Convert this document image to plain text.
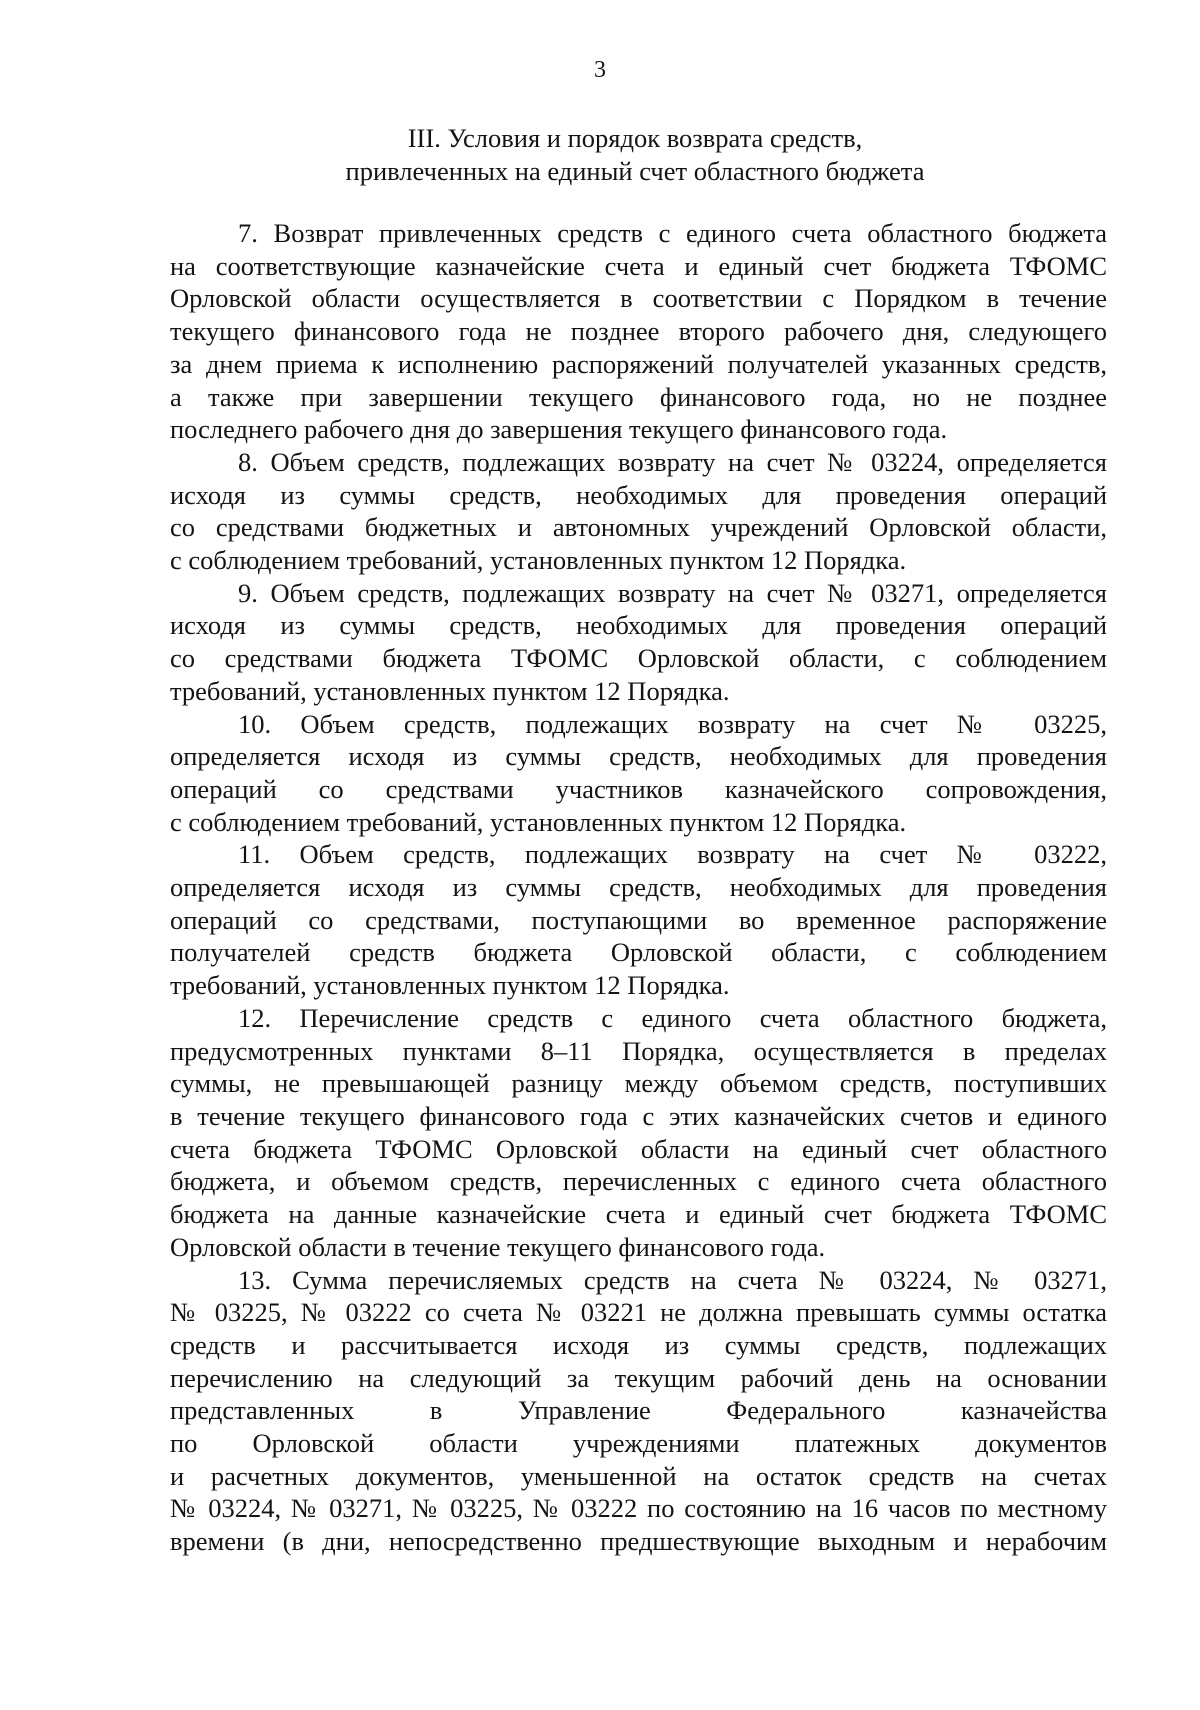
3
III. Условия и порядок возврата средств,
привлеченных на единый счет областного бюджета
7. Возврат привлеченных средств с единого счета областного бюджета
на соответствующие казначейские счета и единый счет бюджета ТФОМС
Орловской области осуществляется в соответствии с Порядком в течение
текущего финансового года не позднее второго рабочего дня, следующего
за днем приема к исполнению распоряжений получателей указанных средств,
а также при завершении текущего финансового года, но не позднее
последнего рабочего дня до завершения текущего финансового года.
8. Объем средств, подлежащих возврату на счет № 03224, определяется
исходя из суммы средств, необходимых для проведения операций
со средствами бюджетных и автономных учреждений Орловской области,
с соблюдением требований, установленных пунктом 12 Порядка.
9. Объем средств, подлежащих возврату на счет № 03271, определяется
исходя из суммы средств, необходимых для проведения операций
со средствами бюджета ТФОМС Орловской области, с соблюдением
требований, установленных пунктом 12 Порядка.
10. Объем средств, подлежащих возврату на счет № 03225,
определяется исходя из суммы средств, необходимых для проведения
операций со средствами участников казначейского сопровождения,
с соблюдением требований, установленных пунктом 12 Порядка.
11. Объем средств, подлежащих возврату на счет № 03222,
определяется исходя из суммы средств, необходимых для проведения
операций со средствами, поступающими во временное распоряжение
получателей средств бюджета Орловской области, с соблюдением
требований, установленных пунктом 12 Порядка.
12. Перечисление средств с единого счета областного бюджета,
предусмотренных пунктами 8–11 Порядка, осуществляется в пределах
суммы, не превышающей разницу между объемом средств, поступивших
в течение текущего финансового года с этих казначейских счетов и единого
счета бюджета ТФОМС Орловской области на единый счет областного
бюджета, и объемом средств, перечисленных с единого счета областного
бюджета на данные казначейские счета и единый счет бюджета ТФОМС
Орловской области в течение текущего финансового года.
13. Сумма перечисляемых средств на счета № 03224, № 03271,
№ 03225, № 03222 со счета № 03221 не должна превышать суммы остатка
средств и рассчитывается исходя из суммы средств, подлежащих
перечислению на следующий за текущим рабочий день на основании
представленных в Управление Федерального казначейства
по Орловской области учреждениями платежных документов
и расчетных документов, уменьшенной на остаток средств на счетах
№ 03224, № 03271, № 03225, № 03222 по состоянию на 16 часов по местному
времени (в дни, непосредственно предшествующие выходным и нерабочим
